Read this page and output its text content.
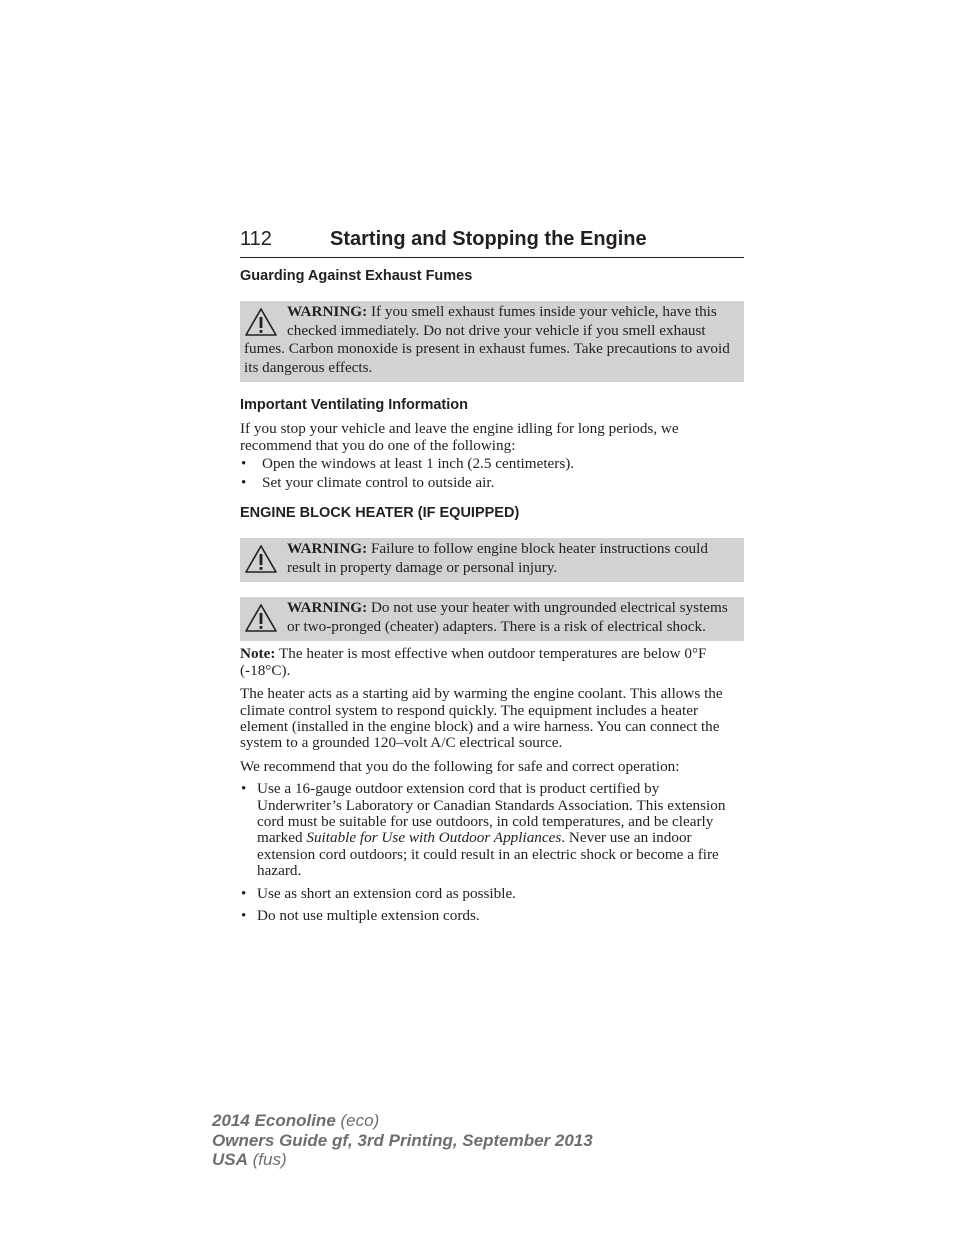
112	Starting and Stopping the Engine
Guarding Against Exhaust Fumes
WARNING: If you smell exhaust fumes inside your vehicle, have this checked immediately. Do not drive your vehicle if you smell exhaust fumes. Carbon monoxide is present in exhaust fumes. Take precautions to avoid its dangerous effects.
Important Ventilating Information

If you stop your vehicle and leave the engine idling for long periods, we recommend that you do one of the following:

• Open the windows at least 1 inch (2.5 centimeters).
• Set your climate control to outside air.
ENGINE BLOCK HEATER (IF EQUIPPED)
WARNING: Failure to follow engine block heater instructions could result in property damage or personal injury.
WARNING: Do not use your heater with ungrounded electrical systems or two-pronged (cheater) adapters. There is a risk of electrical shock.

Note: The heater is most effective when outdoor temperatures are below 0°F (-18°C).

The heater acts as a starting aid by warming the engine coolant. This allows the climate control system to respond quickly. The equipment includes a heater element (installed in the engine block) and a wire harness. You can connect the system to a grounded 120–volt A/C electrical source.

We recommend that you do the following for safe and correct operation:

• Use a 16-gauge outdoor extension cord that is product certified by Underwriter’s Laboratory or Canadian Standards Association. This extension cord must be suitable for use outdoors, in cold temperatures, and be clearly marked Suitable for Use with Outdoor Appliances. Never use an indoor extension cord outdoors; it could result in an electric shock or become a fire hazard.
• Use as short an extension cord as possible.
• Do not use multiple extension cords.
2014 Econoline (eco)
Owners Guide gf, 3rd Printing, September 2013
USA (fus)
